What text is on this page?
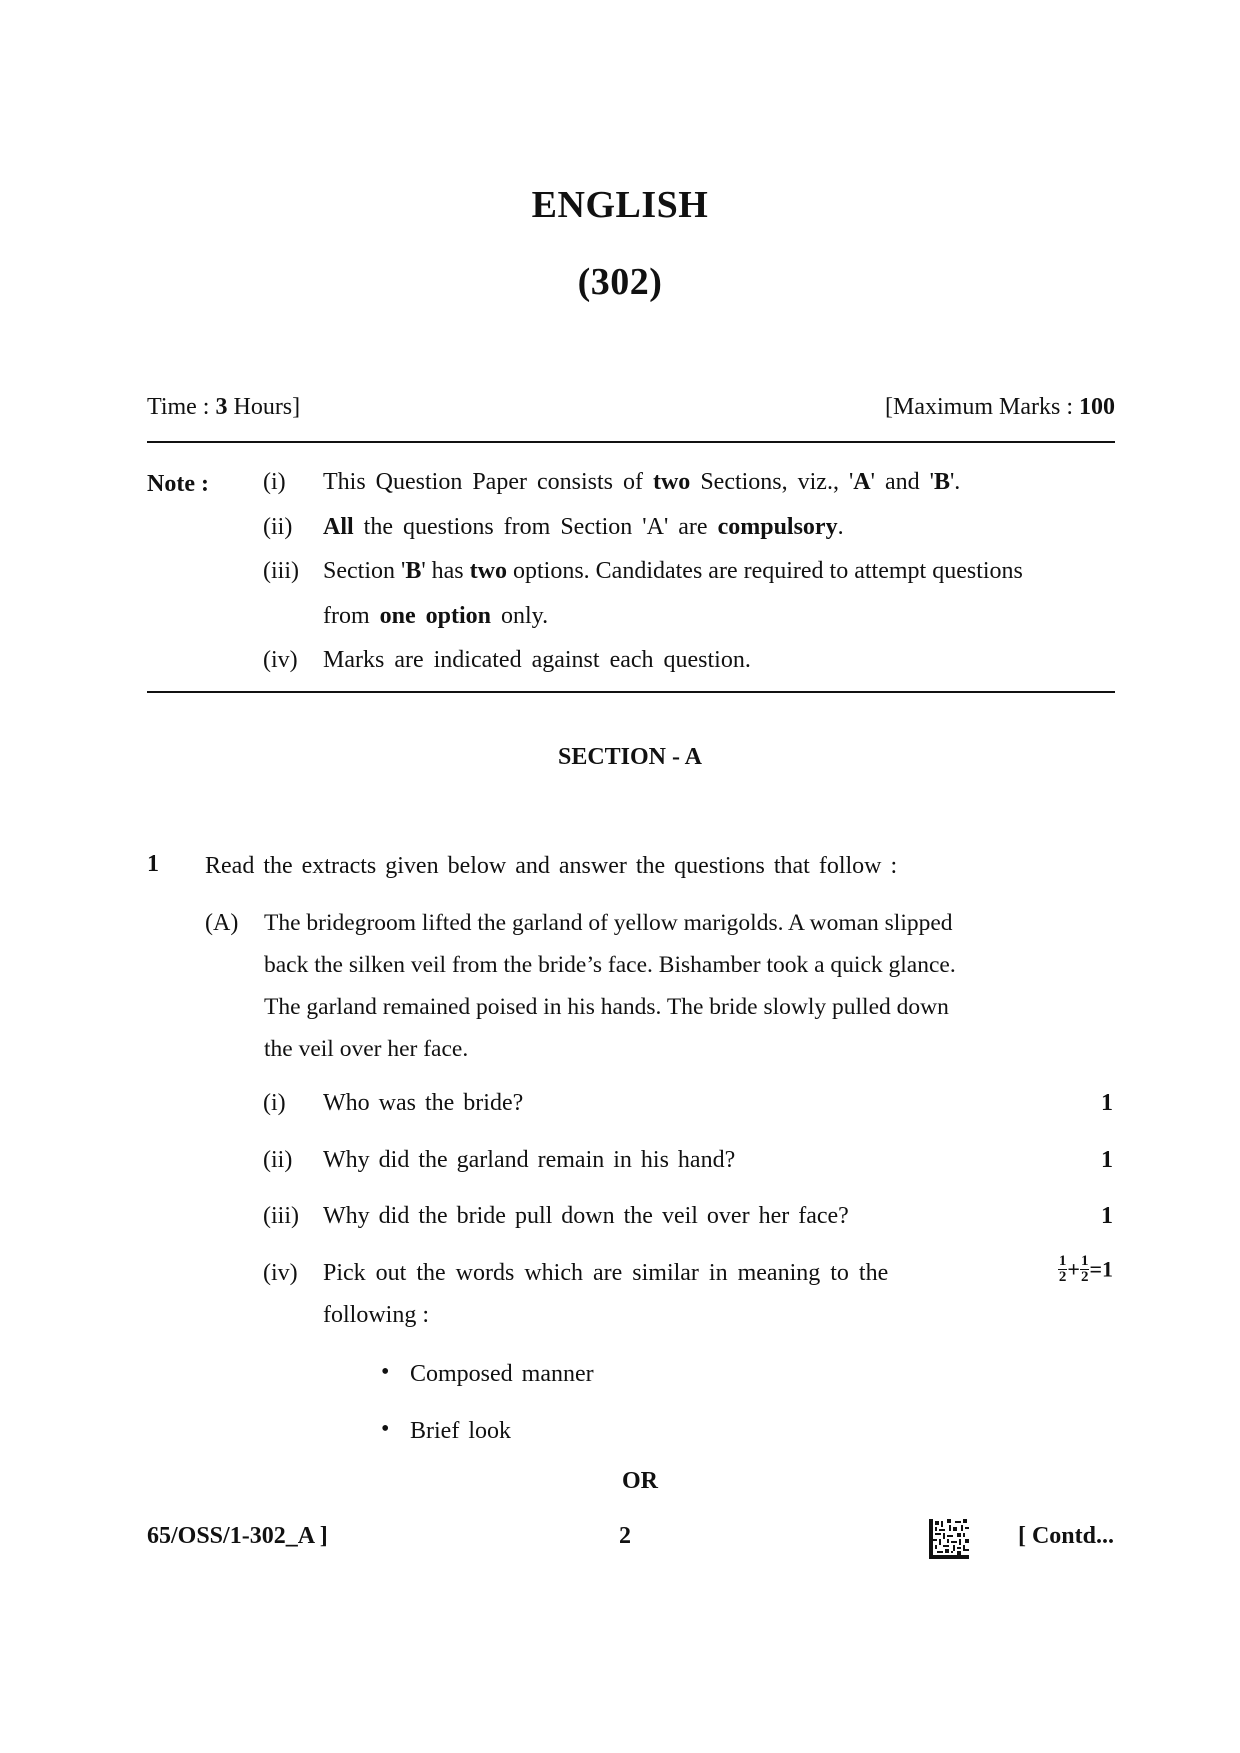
ENGLISH
(302)
Time : 3 Hours]	[Maximum Marks : 100
Note : (i) This Question Paper consists of two Sections, viz., 'A' and 'B'.
(ii) All the questions from Section 'A' are compulsory.
(iii) Section 'B' has two options. Candidates are required to attempt questions
from one option only.
(iv) Marks are indicated against each question.
SECTION - A
1 Read the extracts given below and answer the questions that follow :
(A) The bridegroom lifted the garland of yellow marigolds. A woman slipped
back the silken veil from the bride’s face. Bishamber took a quick glance.
The garland remained poised in his hands. The bride slowly pulled down
the veil over her face.
(i) Who was the bride?	1
(ii) Why did the garland remain in his hand?	1
(iii) Why did the bride pull down the veil over her face?	1
(iv) Pick out the words which are similar in meaning to the
following :
$\frac{1}{2} + \frac{1}{2} =1$
• Composed manner
• Brief look
OR
65/OSS/1-302_A ]	2	[ Contd...
